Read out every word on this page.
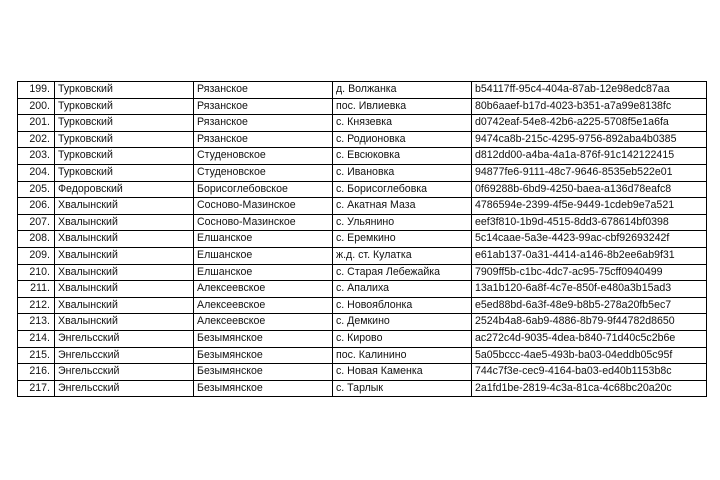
199.	Турковский	Рязанское	д. Волжанка	b54117ff-95c4-404a-87ab-12e98edc87aa
200.	Турковский	Рязанское	пос. Ивлиевка	80b6aaef-b17d-4023-b351-a7a99e8138fc
201.	Турковский	Рязанское	с. Князевка	d0742eaf-54e8-42b6-a225-5708f5e1a6fa
202.	Турковский	Рязанское	с. Родионовка	9474ca8b-215c-4295-9756-892aba4b0385
203.	Турковский	Студеновское	с. Евсюковка	d812dd00-a4ba-4a1a-876f-91c142122415
204.	Турковский	Студеновское	с. Ивановка	94877fe6-9111-48c7-9646-8535eb522e01
205.	Федоровский	Борисоглебовское	с. Борисоглебовка	0f69288b-6bd9-4250-baea-a136d78eafc8
206.	Хвалынский	Сосново-Мазинское	с. Акатная Маза	4786594e-2399-4f5e-9449-1cdeb9e7a521
207.	Хвалынский	Сосново-Мазинское	с. Ульянино	eef3f810-1b9d-4515-8dd3-678614bf0398
208.	Хвалынский	Елшанское	с. Еремкино	5c14caae-5a3e-4423-99ac-cbf92693242f
209.	Хвалынский	Елшанское	ж.д. ст. Кулатка	e61ab137-0a31-4414-a146-8b2ee6ab9f31
210.	Хвалынский	Елшанское	с. Старая Лебежайка	7909ff5b-c1bc-4dc7-ac95-75cff0940499
211.	Хвалынский	Алексеевское	с. Апалиха	13a1b120-6a8f-4c7e-850f-e480a3b15ad3
212.	Хвалынский	Алексеевское	с. Новояблонка	e5ed88bd-6a3f-48e9-b8b5-278a20fb5ec7
213.	Хвалынский	Алексеевское	с. Демкино	2524b4a8-6ab9-4886-8b79-9f44782d8650
214.	Энгельсский	Безымянское	с. Кирово	ac272c4d-9035-4dea-b840-71d40c5c2b6e
215.	Энгельсский	Безымянское	пос. Калинино	5a05bccc-4ae5-493b-ba03-04eddb05c95f
216.	Энгельсский	Безымянское	с. Новая Каменка	744c7f3e-cec9-4164-ba03-ed40b1153b8c
217.	Энгельсский	Безымянское	с. Тарлык	2a1fd1be-2819-4c3a-81ca-4c68bc20a20c
